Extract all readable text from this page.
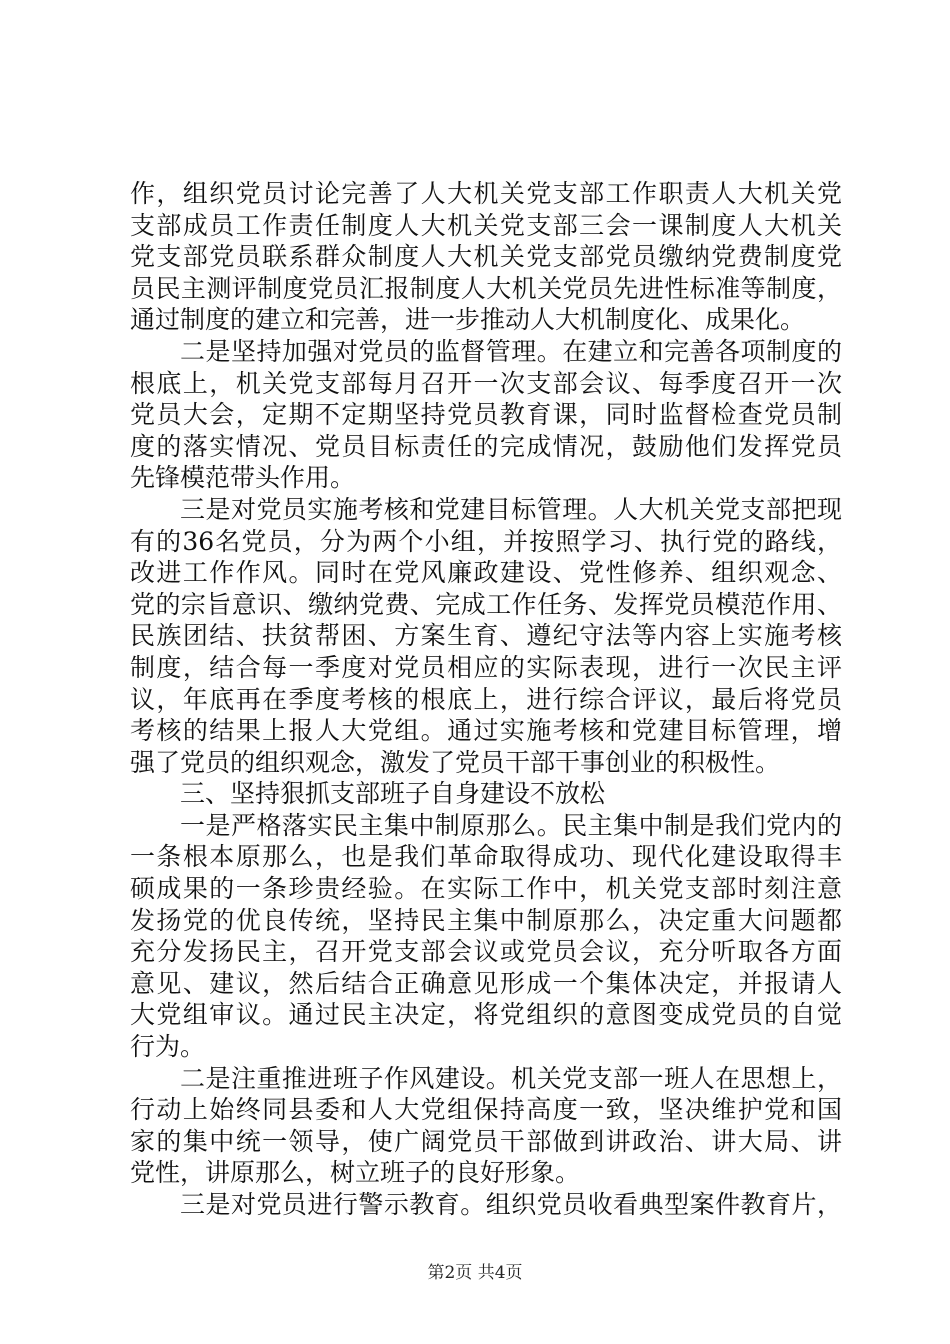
作，组织党员讨论完善了人大机关党支部工作职责人大机关党
支部成员工作责任制度人大机关党支部三会一课制度人大机关
党支部党员联系群众制度人大机关党支部党员缴纳党费制度党
员民主测评制度党员汇报制度人大机关党员先进性标准等制度，
通过制度的建立和完善，进一步推动人大机制度化、成果化。
二是坚持加强对党员的监督管理。在建立和完善各项制度的
根底上，机关党支部每月召开一次支部会议、每季度召开一次
党员大会，定期不定期坚持党员教育课，同时监督检查党员制
度的落实情况、党员目标责任的完成情况，鼓励他们发挥党员
先锋模范带头作用。
三是对党员实施考核和党建目标管理。人大机关党支部把现
有的36名党员，分为两个小组，并按照学习、执行党的路线，
改进工作作风。同时在党风廉政建设、党性修养、组织观念、
党的宗旨意识、缴纳党费、完成工作任务、发挥党员模范作用、
民族团结、扶贫帮困、方案生育、遵纪守法等内容上实施考核
制度，结合每一季度对党员相应的实际表现，进行一次民主评
议，年底再在季度考核的根底上，进行综合评议，最后将党员
考核的结果上报人大党组。通过实施考核和党建目标管理，增
强了党员的组织观念，激发了党员干部干事创业的积极性。
三、坚持狠抓支部班子自身建设不放松
一是严格落实民主集中制原那么。民主集中制是我们党内的
一条根本原那么，也是我们革命取得成功、现代化建设取得丰
硕成果的一条珍贵经验。在实际工作中，机关党支部时刻注意
发扬党的优良传统，坚持民主集中制原那么，决定重大问题都
充分发扬民主，召开党支部会议或党员会议，充分听取各方面
意见、建议，然后结合正确意见形成一个集体决定，并报请人
大党组审议。通过民主决定，将党组织的意图变成党员的自觉
行为。
二是注重推进班子作风建设。机关党支部一班人在思想上，
行动上始终同县委和人大党组保持高度一致，坚决维护党和国
家的集中统一领导，使广阔党员干部做到讲政治、讲大局、讲
党性，讲原那么，树立班子的良好形象。
三是对党员进行警示教育。组织党员收看典型案件教育片，
第2页 共4页
